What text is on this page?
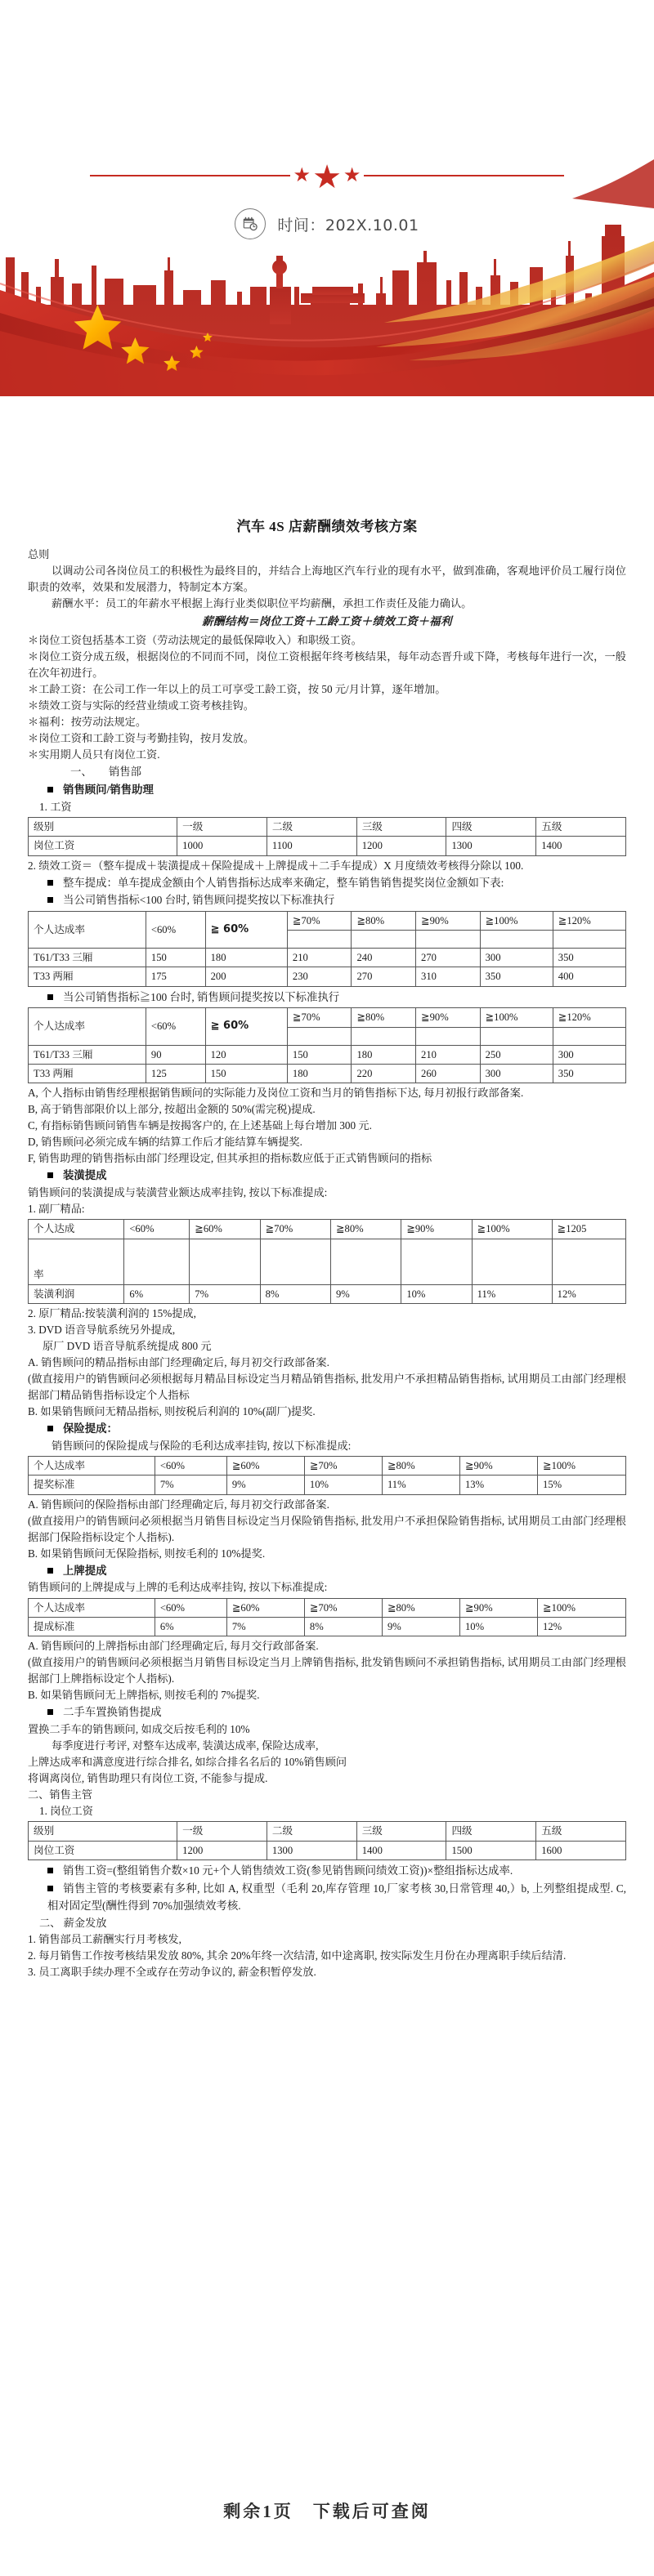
★ ★ ★
时间：202X.10.01
汽车 4S 店薪酬绩效考核方案
总则

以调动公司各岗位员工的积极性为最终目的，并结合上海地区汽车行业的现有水平，做到准确，客观地评价员工履行岗位职责的效率，效果和发展潜力，特制定本方案。

薪酬水平：员工的年薪水平根据上海行业类似职位平均薪酬，承担工作责任及能力确认。

薪酬结构＝岗位工资＋工龄工资＋绩效工资＋福利

＊岗位工资包括基本工资（劳动法规定的最低保障收入）和职级工资。

＊岗位工资分成五级，根据岗位的不同而不同，岗位工资根据年终考核结果，每年动态晋升或下降，考核每年进行一次，一般在次年初进行。

＊工龄工资：在公司工作一年以上的员工可享受工龄工资，按 50 元/月计算，逐年增加。

＊绩效工资与实际的经营业绩或工资考核挂钩。

＊福利：按劳动法规定。

＊岗位工资和工龄工资与考勤挂钩，按月发放。

＊实用期人员只有岗位工资.

一、　　销售部

销售顾问/销售助理

1. 工资

级别	一级	二级	三级	四级	五级
岗位工资	1000	1100	1200	1300	1400

2. 绩效工资＝（整车提成＋装潢提成＋保险提成＋上牌提成＋二手车提成）X 月度绩效考核得分除以 100.

整车提成：单车提成金额由个人销售指标达成率来确定，整车销售销售提奖岗位金额如下表:

当公司销售指标<100 台时, 销售顾问提奖按以下标准执行

个人达成率	<60%	≧ 60%	≧70%	≧80%	≧90%	≧100%	≧120%

T61/T33 三厢	150	180	210	240	270	300	350
T33 两厢	175	200	230	270	310	350	400

当公司销售指标≧100 台时, 销售顾问提奖按以下标准执行

个人达成率	<60%	≧ 60%	≧70%	≧80%	≧90%	≧100%	≧120%

T61/T33 三厢	90	120	150	180	210	250	300
T33 两厢	125	150	180	220	260	300	350

A, 个人指标由销售经理根据销售顾问的实际能力及岗位工资和当月的销售指标下达, 每月初报行政部备案.

B, 高于销售部限价以上部分, 按超出金额的 50%(需完税)提成.

C, 有指标销售顾问销售车辆是按揭客户的, 在上述基础上每台增加 300 元.

D, 销售顾问必须完成车辆的结算工作后才能结算车辆提奖.

F, 销售助理的销售指标由部门经理设定, 但其承担的指标数应低于正式销售顾问的指标

装潢提成

销售顾问的装潢提成与装潢营业额达成率挂钩, 按以下标准提成:

1. 副厂精品:

个人达成	<60%	≧60%	≧70%	≧80%	≧90%	≧100%	≧1205
率							
装潢利润	6%	7%	8%	9%	10%	11%	12%

2. 原厂精品:按装潢利润的 15%提成,

3. DVD 语音导航系统另外提成,

原厂 DVD 语音导航系统提成 800 元

A. 销售顾问的精品指标由部门经理确定后, 每月初交行政部备案.

(做直接用户的销售顾问必须根据每月精品目标设定当月精品销售指标, 批发用户不承担精品销售指标, 试用期员工由部门经理根据部门精品销售指标设定个人指标

B. 如果销售顾问无精品指标, 则按税后利润的 10%(副厂)提奖.

保险提成：

销售顾问的保险提成与保险的毛利达成率挂钩, 按以下标准提成:

个人达成率	<60%	≧60%	≧70%	≧80%	≧90%	≧100%
提奖标准	7%	9%	10%	11%	13%	15%

A. 销售顾问的保险指标由部门经理确定后, 每月初交行政部备案.

(做直接用户的销售顾问必须根据当月销售目标设定当月保险销售指标, 批发用户不承担保险销售指标, 试用期员工由部门经理根据部门保险指标设定个人指标).

B. 如果销售顾问无保险指标, 则按毛利的 10%提奖.

上牌提成

销售顾问的上牌提成与上牌的毛利达成率挂钩, 按以下标准提成:

个人达成率	<60%	≧60%	≧70%	≧80%	≧90%	≧100%
提成标准	6%	7%	8%	9%	10%	12%

A. 销售顾问的上牌指标由部门经理确定后, 每月交行政部备案.

(做直接用户的销售顾问必须根据当月销售目标设定当月上牌销售指标, 批发销售顾问不承担销售指标, 试用期员工由部门经理根据部门上牌指标设定个人指标).

B. 如果销售顾问无上牌指标, 则按毛利的 7%提奖.

二手车置换销售提成

置换二手车的销售顾问, 如成交后按毛利的 10%

每季度进行考评, 对整车达成率, 装潢达成率, 保险达成率,

上牌达成率和满意度进行综合排名, 如综合排名名后的 10%销售顾问

将调离岗位, 销售助理只有岗位工资, 不能参与提成.

二、销售主管

1. 岗位工资

级别	一级	二级	三级	四级	五级
岗位工资	1200	1300	1400	1500	1600

销售工资=(整组销售介数×10 元+个人销售绩效工资(参见销售顾问绩效工资))×整组指标达成率.

销售主管的考核要素有多种, 比如 A, 权重型（毛利 20,库存管理 10,厂家考核 30,日常管理 40,）b, 上列整组提成型. C, 相对固定型(酬性得到 70%加强绩效考核.

二、 薪金发放

1. 销售部员工薪酬实行月考核发,

2. 每月销售工作按考核结果发放 80%, 其余 20%年终一次结清, 如中途离职, 按实际发生月份在办理离职手续后结清.

3. 员工离职手续办理不全或存在劳动争议的, 薪金积暂停发放.

剩余1页　下载后可查阅
